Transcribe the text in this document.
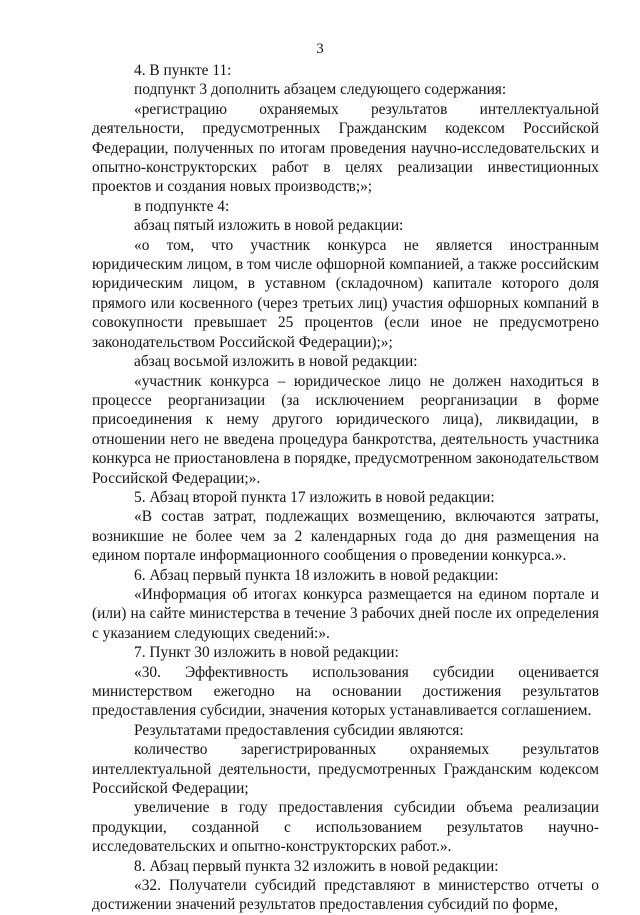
3

4. В пункте 11:

подпункт 3 дополнить абзацем следующего содержания:

«регистрацию охраняемых результатов интеллектуальной деятельности, предусмотренных Гражданским кодексом Российской Федерации, полученных по итогам проведения научно-исследовательских и опытно-конструкторских работ в целях реализации инвестиционных проектов и создания новых производств;»;

в подпункте 4:

абзац пятый изложить в новой редакции:

«о том, что участник конкурса не является иностранным юридическим лицом, в том числе офшорной компанией, а также российским юридическим лицом, в уставном (складочном) капитале которого доля прямого или косвенного (через третьих лиц) участия офшорных компаний в совокупности превышает 25 процентов (если иное не предусмотрено законодательством Российской Федерации);»;

абзац восьмой изложить в новой редакции:

«участник конкурса – юридическое лицо не должен находиться в процессе реорганизации (за исключением реорганизации в форме присоединения к нему другого юридического лица), ликвидации, в отношении него не введена процедура банкротства, деятельность участника конкурса не приостановлена в порядке, предусмотренном законодательством Российской Федерации;».

5. Абзац второй пункта 17 изложить в новой редакции:

«В состав затрат, подлежащих возмещению, включаются затраты, возникшие не более чем за 2 календарных года до дня размещения на едином портале информационного сообщения о проведении конкурса.».

6. Абзац первый пункта 18 изложить в новой редакции:

«Информация об итогах конкурса размещается на едином портале и (или) на сайте министерства в течение 3 рабочих дней после их определения с указанием следующих сведений:».

7. Пункт 30 изложить в новой редакции:

«30. Эффективность использования субсидии оценивается министерством ежегодно на основании достижения результатов предоставления субсидии, значения которых устанавливается соглашением.

Результатами предоставления субсидии являются:

количество зарегистрированных охраняемых результатов интеллектуальной деятельности, предусмотренных Гражданским кодексом Российской Федерации;

увеличение в году предоставления субсидии объема реализации продукции, созданной с использованием результатов научно-исследовательских и опытно-конструкторских работ.».

8. Абзац первый пункта 32 изложить в новой редакции:

«32. Получатели субсидий представляют в министерство отчеты о достижении значений результатов предоставления субсидий по форме,
